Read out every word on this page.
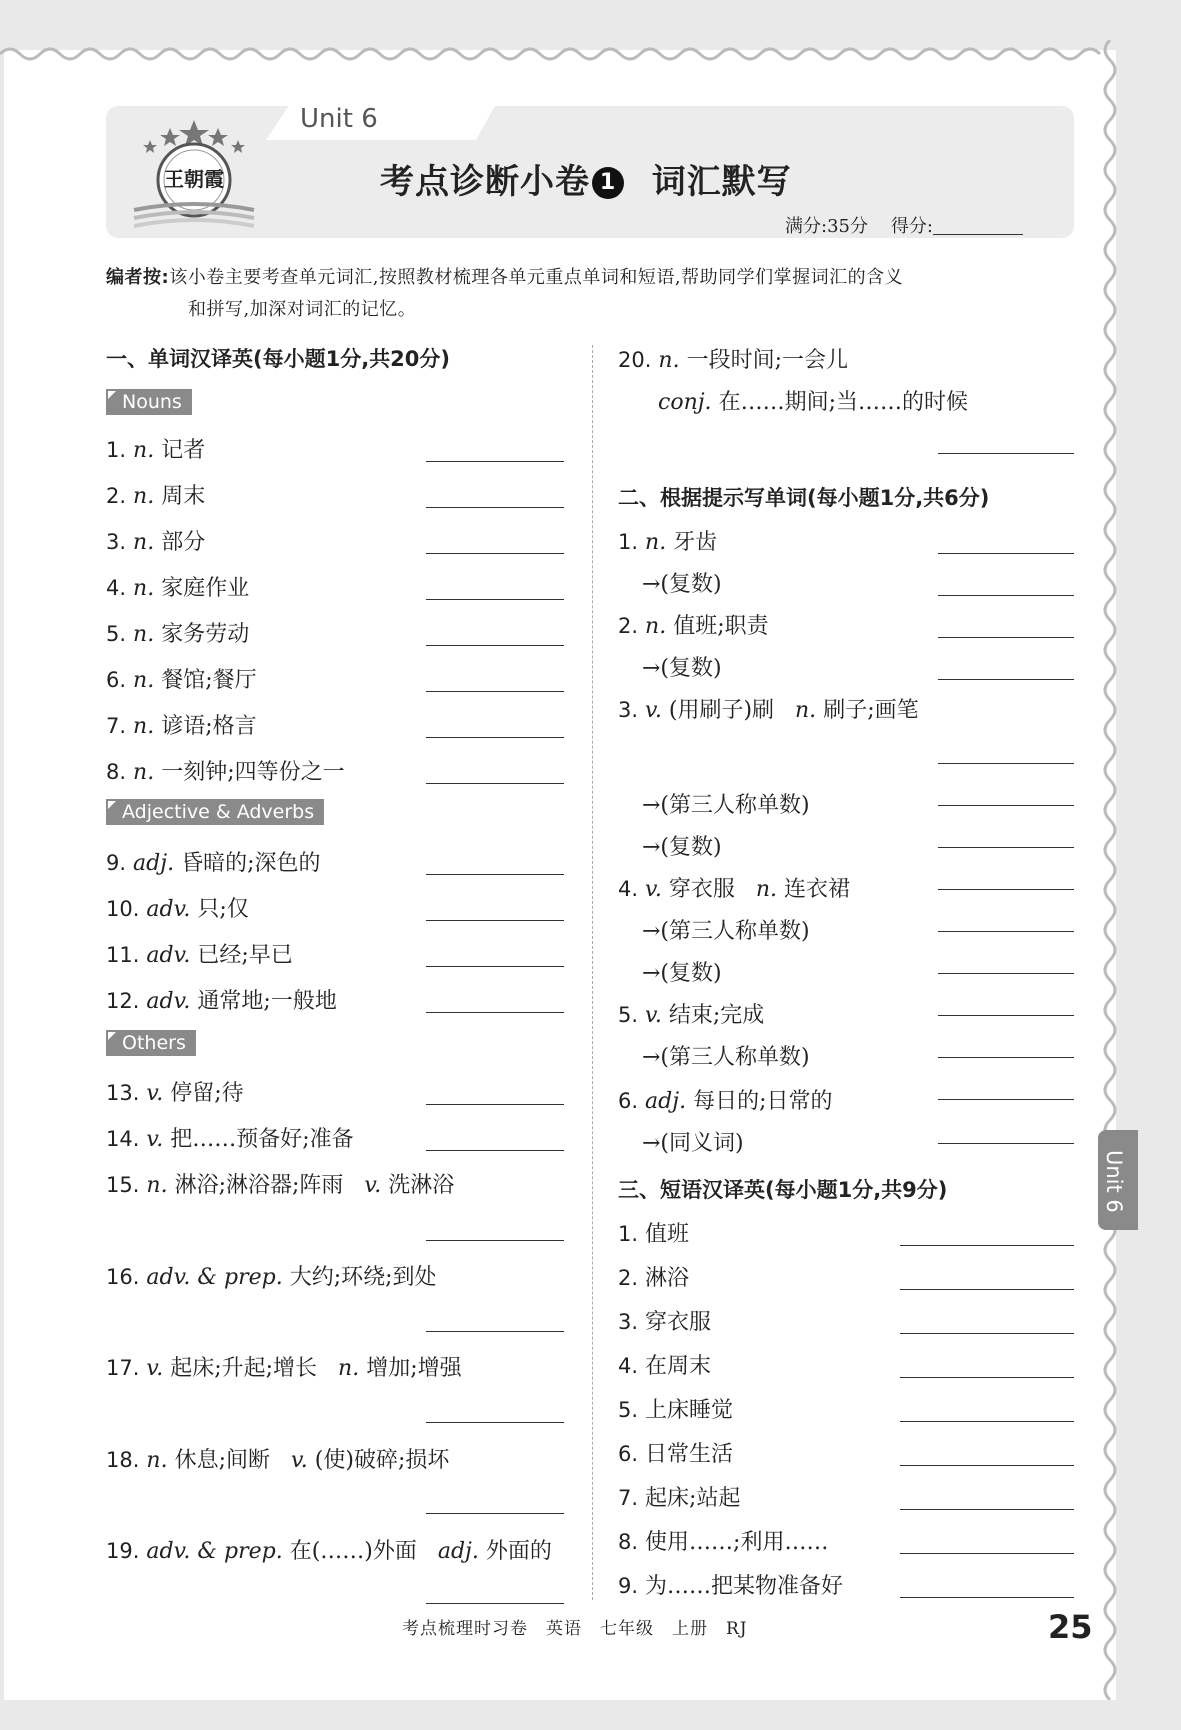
Unit 6
王朝霞	考点诊断小卷 1 词汇默写
满分:35分 得分:
编者按:该小卷主要考查单元词汇,按照教材梳理各单元重点单词和短语,帮助同学们掌握词汇的含义
和拼写,加深对词汇的记忆。
一、单词汉译英(每小题1分,共20分)
Nouns
Adjective & Adverbs
Others
1. n. 记者
2. n. 周末
3. n. 部分
4. n. 家庭作业
5. n. 家务劳动
6. n. 餐馆;餐厅
7. n. 谚语;格言
8. n. 一刻钟;四等份之一
9. adj. 昏暗的;深色的
10. adv. 只;仅
11. adv. 已经;早已
12. adv. 通常地;一般地
13. v. 停留;待
14. v. 把……预备好;准备
15. n. 淋浴;淋浴器;阵雨 v. 洗淋浴
16. adv. & prep. 大约;环绕;到处
17. v. 起床;升起;增长 n. 增加;增强
18. n. 休息;间断 v. (使)破碎;损坏
19. adv. & prep. 在(……)外面 adj. 外面的
20. n. 一段时间;一会儿
conj. 在……期间;当……的时候
二、根据提示写单词(每小题1分,共6分)
1. n. 牙齿
→(复数)
2. n. 值班;职责
→(复数)
3. v. (用刷子)刷 n. 刷子;画笔
→(第三人称单数)
→(复数)
4. v. 穿衣服 n. 连衣裙
→(第三人称单数)
→(复数)
5. v. 结束;完成
→(第三人称单数)
6. adj. 每日的;日常的
→(同义词)
三、短语汉译英(每小题1分,共9分)
1. 值班
2. 淋浴
3. 穿衣服
4. 在周末
5. 上床睡觉
6. 日常生活
7. 起床;站起
8. 使用……;利用……
9. 为……把某物准备好
Unit 6
考点梳理时习卷　英语　七年级　上册　RJ	25
